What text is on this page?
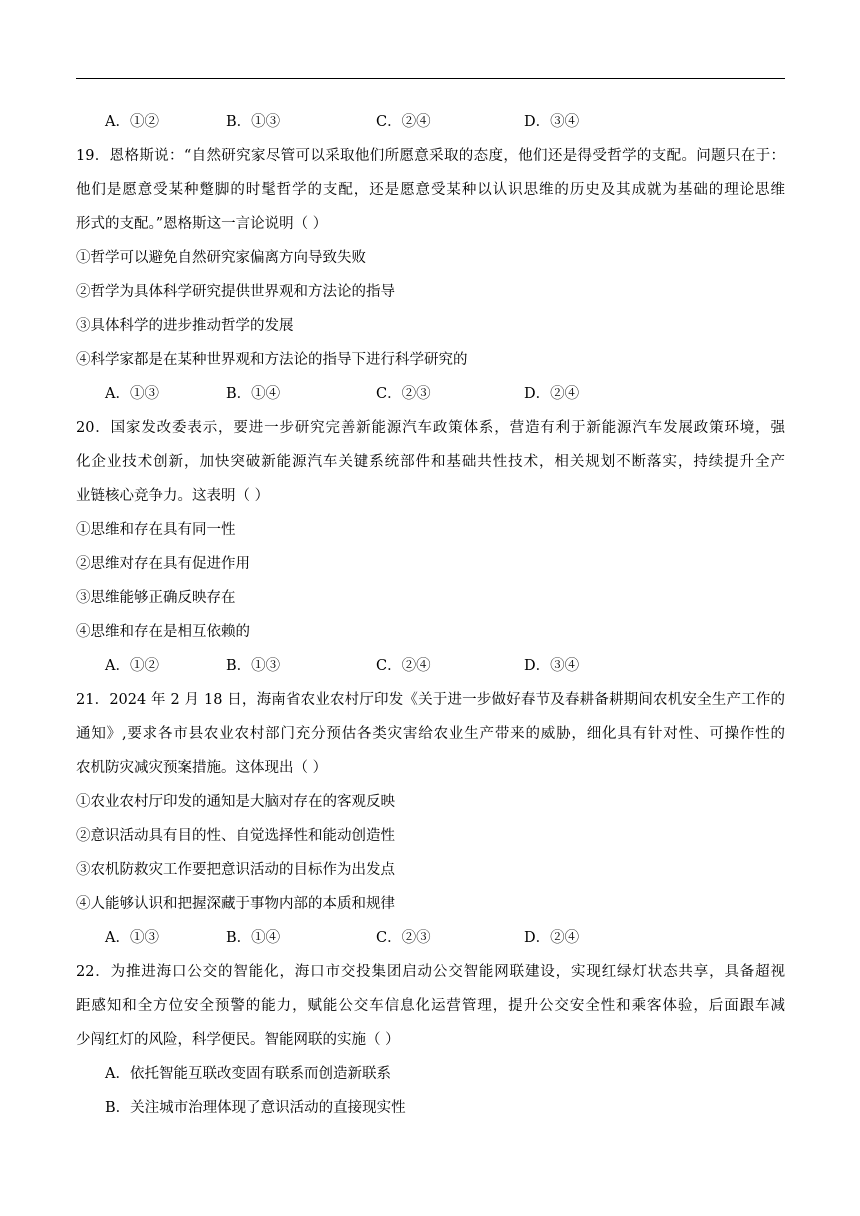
A．①②	B．①③	C．②④	D．③④
19．恩格斯说：“自然研究家尽管可以采取他们所愿意采取的态度，他们还是得受哲学的支配。问题只在于：
他们是愿意受某种蹩脚的时髦哲学的支配，还是愿意受某种以认识思维的历史及其成就为基础的理论思维
形式的支配。”恩格斯这一言论说明（ ）
①哲学可以避免自然研究家偏离方向导致失败
②哲学为具体科学研究提供世界观和方法论的指导
③具体科学的进步推动哲学的发展
④科学家都是在某种世界观和方法论的指导下进行科学研究的
A．①③	B．①④	C．②③	D．②④
20．国家发改委表示，要进一步研究完善新能源汽车政策体系，营造有利于新能源汽车发展政策环境，强
化企业技术创新，加快突破新能源汽车关键系统部件和基础共性技术，相关规划不断落实，持续提升全产
业链核心竞争力。这表明（ ）
①思维和存在具有同一性
②思维对存在具有促进作用
③思维能够正确反映存在
④思维和存在是相互依赖的
A．①②	B．①③	C．②④	D．③④
21．2024 年 2 月 18 日，海南省农业农村厅印发《关于进一步做好春节及春耕备耕期间农机安全生产工作的
通知》,要求各市县农业农村部门充分预估各类灾害给农业生产带来的威胁，细化具有针对性、可操作性的
农机防灾减灾预案措施。这体现出（ ）
①农业农村厅印发的通知是大脑对存在的客观反映
②意识活动具有目的性、自觉选择性和能动创造性
③农机防救灾工作要把意识活动的目标作为出发点
④人能够认识和把握深藏于事物内部的本质和规律
A．①③	B．①④	C．②③	D．②④
22．为推进海口公交的智能化，海口市交投集团启动公交智能网联建设，实现红绿灯状态共享，具备超视
距感知和全方位安全预警的能力，赋能公交车信息化运营管理，提升公交安全性和乘客体验，后面跟车减
少闯红灯的风险，科学便民。智能网联的实施（ ）
A．依托智能互联改变固有联系而创造新联系
B．关注城市治理体现了意识活动的直接现实性
